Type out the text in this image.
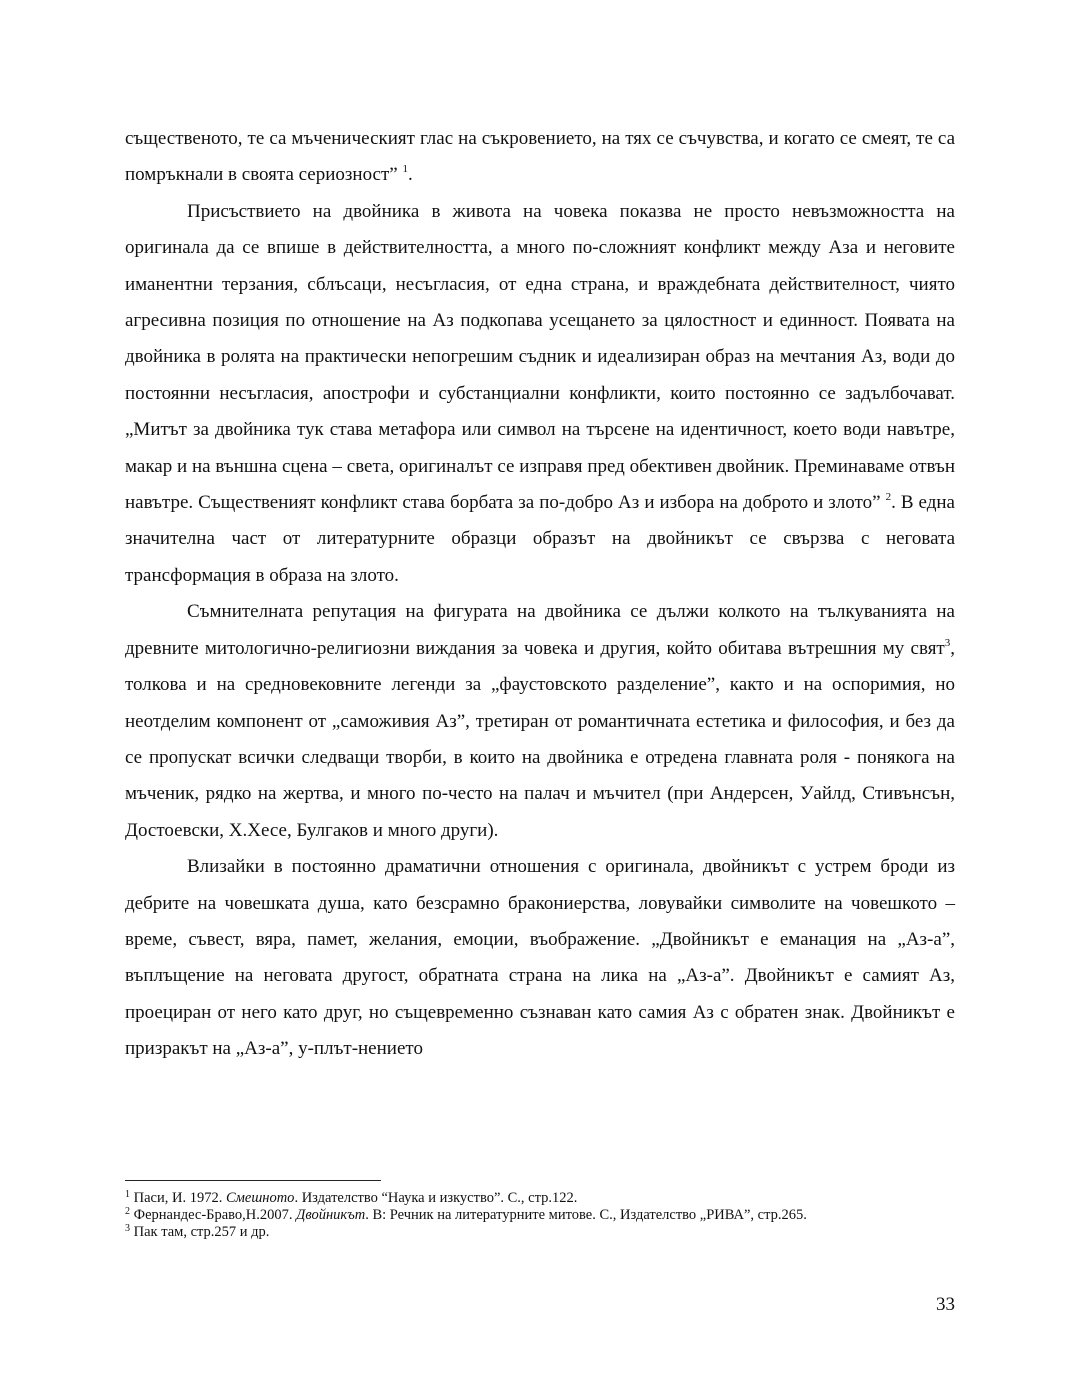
същественото, те са мъченическият глас на съкровението, на тях се съчувства, и когато се смеят, те са помръкнали в своята сериозност” $^1$.

Присъствието на двойника в живота на човека показва не просто невъзможността на оригинала да се впише в действителността, а много по-сложният конфликт между Аза и неговите иманентни терзания, сблъсаци, несъгласия, от една страна, и враждебната действителност, чиято агресивна позиция по отношение на Аз подкопава усещането за цялостност и единност. Появата на двойника в ролята на практически непогрешим съдник и идеализиран образ на мечтания Аз, води до постоянни несъгласия, апострофи и субстанциални конфликти, които постоянно се задълбочават. „Митът за двойника тук става метафора или символ на търсене на идентичност, което води навътре, макар и на външна сцена – света, оригиналът се изправя пред обективен двойник. Преминаваме отвън навътре. Същественият конфликт става борбата за по-добро Аз и избора на доброто и злото” $^2$. В една значителна част от литературните образци образът на двойникът се свързва с неговата трансформация в образа на злото.

Съмнителната репутация на фигурата на двойника се дължи колкото на тълкуванията на древните митологично-религиозни виждания за човека и другия, който обитава вътрешния му свят$^3$, толкова и на средновековните легенди за „фаустовското разделение”, както и на оспоримия, но неотделим компонент от „саможивия Аз”, третиран от романтичната естетика и философия, и без да се пропускат всички следващи творби, в които на двойника е отредена главната роля - понякога на мъченик, рядко на жертва, и много по-често на палач и мъчител (при Андерсен, Уайлд, Стивънсън, Достоевски, Х.Хесе, Булгаков и много други).

Влизайки в постоянно драматични отношения с оригинала, двойникът с устрем броди из дебрите на човешката душа, като безсрамно бракониерства, ловувайки символите на човешкото – време, съвест, вяра, памет, желания, емоции, въображение. „Двойникът е еманация на „Аз-а”, въплъщение на неговата другост, обратната страна на лика на „Аз-а”. Двойникът е самият Аз, проециран от него като друг, но същевременно съзнаван като самия Аз с обратен знак. Двойникът е призракът на „Аз-а”, у-плът-нението

$^1$ Паси, И. 1972. Смешното. Издателство “Наука и изкуство”. С., стр.122.

$^2$ Фернандес-Браво,Н.2007. Двойникът. В: Речник на литературните митове. С., Издателство „РИВА”, стр.265.

$^3$ Пак там, стр.257 и др.

33
